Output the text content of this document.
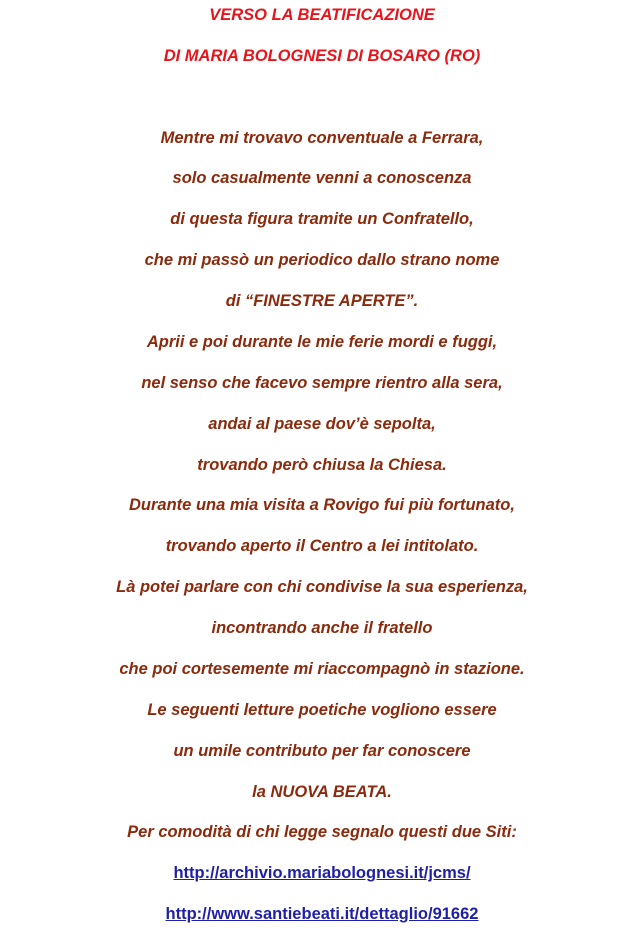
VERSO LA BEATIFICAZIONE
DI MARIA BOLOGNESI DI BOSARO (RO)
Mentre mi trovavo conventuale a Ferrara,
solo casualmente venni a conoscenza
di questa figura tramite un Confratello,
che mi passò un periodico dallo strano nome
di “FINESTRE APERTE”.
Aprii e poi durante le mie ferie mordi e fuggi,
nel senso che facevo sempre rientro alla sera,
andai al paese dov’è sepolta,
trovando però chiusa la Chiesa.
Durante una mia visita a Rovigo fui più fortunato,
trovando aperto il Centro a lei intitolato.
Là potei parlare con chi condivise la sua esperienza,
incontrando anche il fratello
che poi cortesemente mi riaccompagnò in stazione.
Le seguenti letture poetiche vogliono essere
un umile contributo per far conoscere
la NUOVA BEATA.
Per comodità di chi legge segnalo questi due Siti:
http://archivio.mariabolognesi.it/jcms/
http://www.santiebeati.it/dettaglio/91662
